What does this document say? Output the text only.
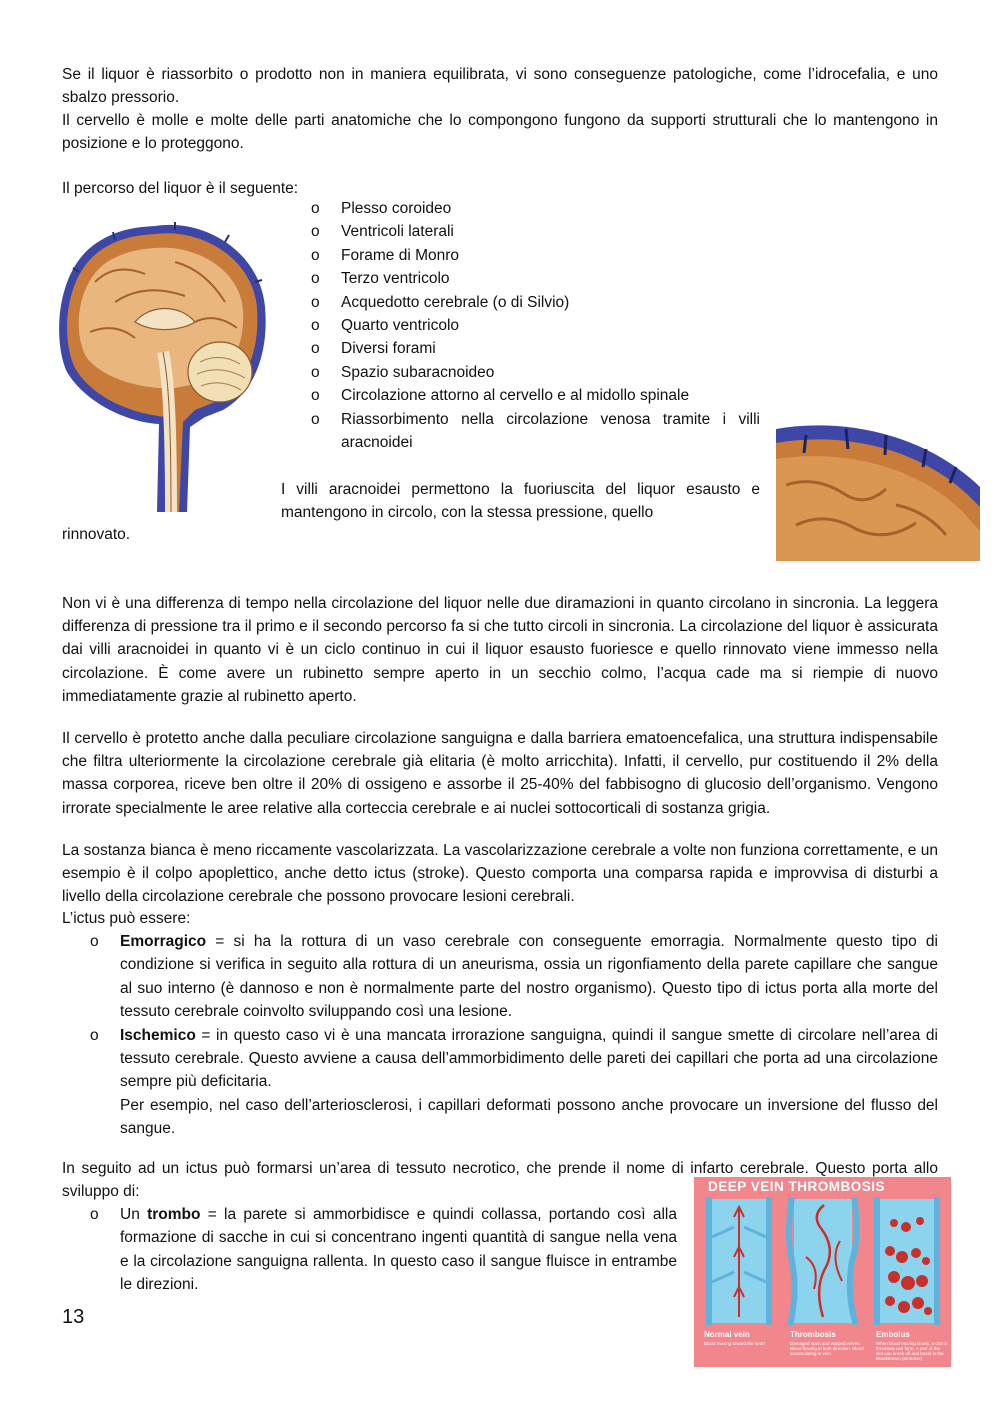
Se il liquor è riassorbito o prodotto non in maniera equilibrata, vi sono conseguenze patologiche, come l’idrocefalia, e uno sbalzo pressorio.

Il cervello è molle e molte delle parti anatomiche che lo compongono fungono da supporti strutturali che lo mantengono in posizione e lo proteggono.

Il percorso del liquor è il seguente:

o Plesso coroideo
o Ventricoli laterali
o Forame di Monro
o Terzo ventricolo
o Acquedotto cerebrale (o di Silvio)
o Quarto ventricolo
o Diversi forami
o Spazio subaracnoideo
o Circolazione attorno al cervello e al midollo spinale
o Riassorbimento nella circolazione venosa tramite i villi aracnoidei

I villi aracnoidei permettono la fuoriuscita del liquor esausto e mantengono in circolo, con la stessa pressione, quello

rinnovato.

Non vi è una differenza di tempo nella circolazione del liquor nelle due diramazioni in quanto circolano in sincronia. La leggera differenza di pressione tra il primo e il secondo percorso fa si che tutto circoli in sincronia. La circolazione del liquor è assicurata dai villi aracnoidei in quanto vi è un ciclo continuo in cui il liquor esausto fuoriesce e quello rinnovato viene immesso nella circolazione. È come avere un rubinetto sempre aperto in un secchio colmo, l’acqua cade ma si riempie di nuovo immediatamente grazie al rubinetto aperto.

Il cervello è protetto anche dalla peculiare circolazione sanguigna e dalla barriera ematoencefalica, una struttura indispensabile che filtra ulteriormente la circolazione cerebrale già elitaria (è molto arricchita). Infatti, il cervello, pur costituendo il 2% della massa corporea, riceve ben oltre il 20% di ossigeno e assorbe il 25-40% del fabbisogno di glucosio dell’organismo. Vengono irrorate specialmente le aree relative alla corteccia cerebrale e ai nuclei sottocorticali di sostanza grigia.

La sostanza bianca è meno riccamente vascolarizzata. La vascolarizzazione cerebrale a volte non funziona correttamente, e un esempio è il colpo apoplettico, anche detto ictus (stroke). Questo comporta una comparsa rapida e improvvisa di disturbi a livello della circolazione cerebrale che possono provocare lesioni cerebrali.

L’ictus può essere:

o Emorragico = si ha la rottura di un vaso cerebrale con conseguente emorragia. Normalmente questo tipo di condizione si verifica in seguito alla rottura di un aneurisma, ossia un rigonfiamento della parete capillare che sangue al suo interno (è dannoso e non è normalmente parte del nostro organismo). Questo tipo di ictus porta alla morte del tessuto cerebrale coinvolto sviluppando così una lesione.
o Ischemico = in questo caso vi è una mancata irrorazione sanguigna, quindi il sangue smette di circolare nell’area di tessuto cerebrale. Questo avviene a causa dell’ammorbidimento delle pareti dei capillari che porta ad una circolazione sempre più deficitaria.
Per esempio, nel caso dell’arteriosclerosi, i capillari deformati possono anche provocare un inversione del flusso del sangue.

In seguito ad un ictus può formarsi un’area di tessuto necrotico, che prende il nome di infarto cerebrale. Questo porta allo sviluppo di:

o Un trombo = la parete si ammorbidisce e quindi collassa, portando così alla formazione di sacche in cui si concentrano ingenti quantità di sangue nella vena e la circolazione sanguigna rallenta. In questo caso il sangue fluisce in entrambe le direzioni.
DEEP VEIN THROMBOSIS
Normal vein	Thrombosis	Embolus
Blood moving toward the heart	Damaged open and warped valves. Blood flowing in both direction. Blood accumulating in vein
When blood moving slowly, a clot or thrombus can form. A part of the clot can break off and travel in the bloodstream (embolus)
13
